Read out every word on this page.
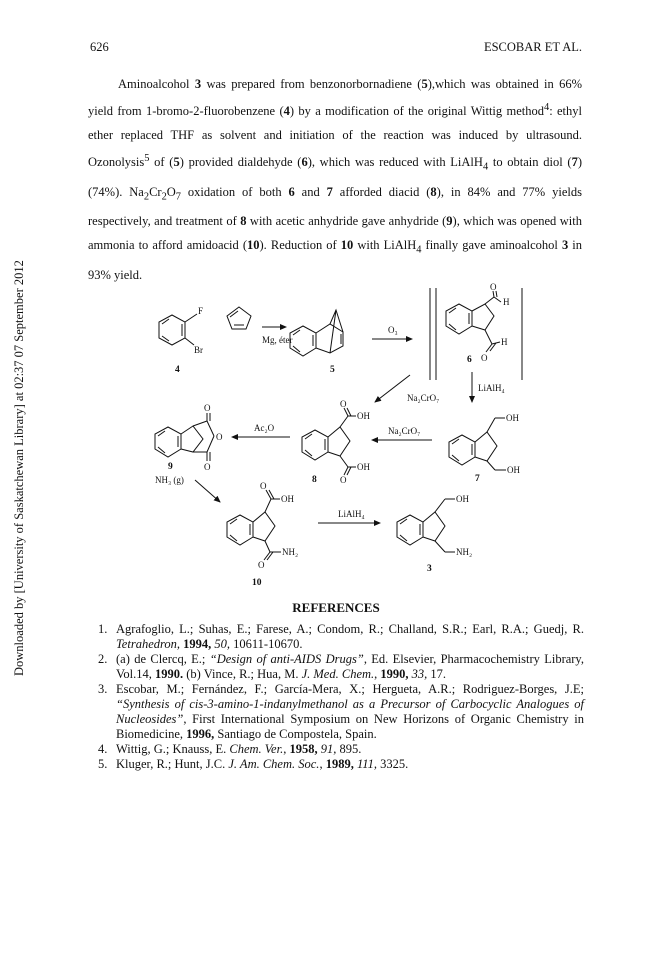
626	ESCOBAR ET AL.
Downloaded by [University of Saskatchewan Library] at 02:37 07 September 2012

Aminoalcohol 3 was prepared from benzonorbornadiene (5),which was obtained in 66% yield from 1-bromo-2-fluorobenzene (4) by a modification of the original Wittig method$^4$: ethyl ether replaced THF as solvent and initiation of the reaction was induced by ultrasound. Ozonolysis$^5$ of (5) provided dialdehyde (6), which was reduced with LiAlH$_4$ to obtain diol (7) (74%). $Na_2Cr_2O_7$ oxidation of both 6 and 7 afforded diacid (8), in 84% and 77% yields respectively, and treatment of 8 with acetic anhydride gave anhydride (9), which was opened with ammonia to afford amidoacid (10). Reduction of 10 with LiAlH$_4$ finally gave aminoalcohol 3 in 93% yield.

F
Br
O
H
O
H
O
O
O
O
OH
O
OH
OH
OH
O
OH
O
NH₂
OH
NH₂
Mg, éter
O₃
Na₂CrO₇
LiAlH₄
Na₂CrO₇
Ac₂O
NH₃ (g)
LiAlH₄
4	5
6
9
8	7
10
3
REFERENCES
1. Agrafoglio, L.; Suhas, E.; Farese, A.; Condom, R.; Challand, S.R.; Earl, R.A.; Guedj, R. Tetrahedron, 1994, 50, 10611-10670.
2. (a) de Clercq, E.; “Design of anti-AIDS Drugs”, Ed. Elsevier, Pharmacochemistry Library, Vol.14, 1990. (b) Vince, R.; Hua, M. J. Med. Chem., 1990, 33, 17.
3. Escobar, M.; Fernández, F.; García-Mera, X.; Hergueta, A.R.; Rodriguez-Borges, J.E; “Synthesis of cis-3-amino-1-indanylmethanol as a Precursor of Carbocyclic Analogues of Nucleosides”, First International Symposium on New Horizons of Organic Chemistry in Biomedicine, 1996, Santiago de Compostela, Spain.
4. Wittig, G.; Knauss, E. Chem. Ver., 1958, 91, 895.
5. Kluger, R.; Hunt, J.C. J. Am. Chem. Soc., 1989, 111, 3325.
